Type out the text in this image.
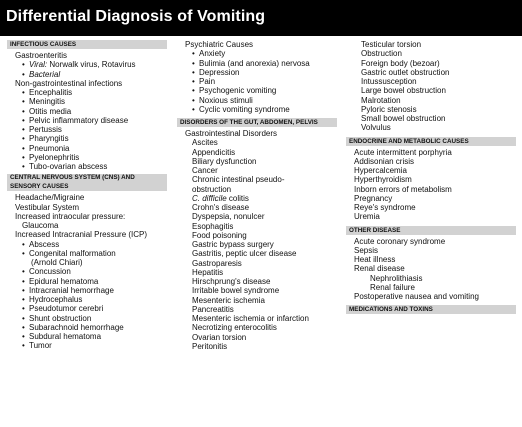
Differential Diagnosis of Vomiting
INFECTIOUS CAUSES
Gastroenteritis
• Viral: Norwalk virus, Rotavirus
• Bacterial
Non-gastrointestinal infections
• Encephalitis
• Meningitis
• Otitis media
• Pelvic inflammatory disease
• Pertussis
• Pharyngitis
• Pneumonia
• Pyelonephritis
• Tubo-ovarian abscess
CENTRAL NERVOUS SYSTEM (CNS) AND
SENSORY CAUSES
Headache/Migraine
Vestibular System
Increased intraocular pressure:
Glaucoma
Increased Intracranial Pressure (ICP)
• Abscess
• Congenital malformation
(Arnold Chiari)
• Concussion
• Epidural hematoma
• Intracranial hemorrhage
• Hydrocephalus
• Pseudotumor cerebri
• Shunt obstruction
• Subarachnoid hemorrhage
• Subdural hematoma
• Tumor
Psychiatric Causes
• Anxiety
• Bulimia (and anorexia) nervosa
• Depression
• Pain
• Psychogenic vomiting
• Noxious stimuli
• Cyclic vomiting syndrome
DISORDERS OF THE GUT, ABDOMEN, PELVIS
Gastrointestinal Disorders
Ascites
Appendicitis
Biliary dysfunction
Cancer
Chronic intestinal pseudo-
obstruction
C. difficile colitis
Crohn's disease
Dyspepsia, nonulcer
Esophagitis
Food poisoning
Gastric bypass surgery
Gastritis, peptic ulcer disease
Gastroparesis
Hepatitis
Hirschprung's disease
Irritable bowel syndrome
Mesenteric ischemia
Pancreatitis
Mesenteric ischemia or infarction
Necrotizing enterocolitis
Ovarian torsion
Peritonitis
Testicular torsion
Obstruction
Foreign body (bezoar)
Gastric outlet obstruction
Intussusception
Large bowel obstruction
Malrotation
Pyloric stenosis
Small bowel obstruction
Volvulus
ENDOCRINE AND METABOLIC CAUSES
Acute intermittent porphyria
Addisonian crisis
Hypercalcemia
Hyperthyroidism
Inborn errors of metabolism
Pregnancy
Reye's syndrome
Uremia
OTHER DISEASE
Acute coronary syndrome
Sepsis
Heat illness
Renal disease
Nephrolithiasis
Renal failure
Postoperative nausea and vomiting
MEDICATIONS AND TOXINS
